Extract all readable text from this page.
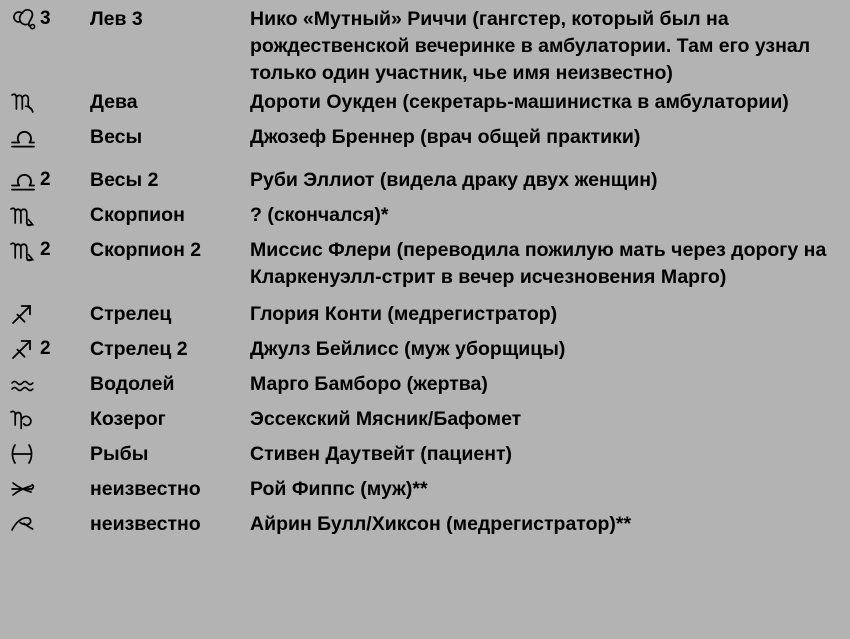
3	Лев 3	Нико «Мутный» Риччи (гангстер, который был на рождественской вечеринке в амбулатории. Там его узнал только один участник, чье имя неизвестно)

	Дева	Дороти Оукден (секретарь-машинистка в амбулатории)

	Весы	Джозеф Бреннер (врач общей практики)

2	Весы 2	Руби Эллиот (видела драку двух женщин)

	Скорпион	? (скончался)*

2	Скорпион 2	Миссис Флери (переводила пожилую мать через дорогу на Кларкенуэлл-стрит в вечер исчезновения Марго)

	Стрелец	Глория Конти (медрегистратор)

2	Стрелец 2	Джулз Бейлисс (муж уборщицы)

	Водолей	Марго Бамборо (жертва)

	Козерог	Эссекский Мясник/Бафомет

	Рыбы	Стивен Даутвейт (пациент)

	неизвестно	Рой Фиппс (муж)**

	неизвестно	Айрин Булл/Хиксон (медрегистратор)**
